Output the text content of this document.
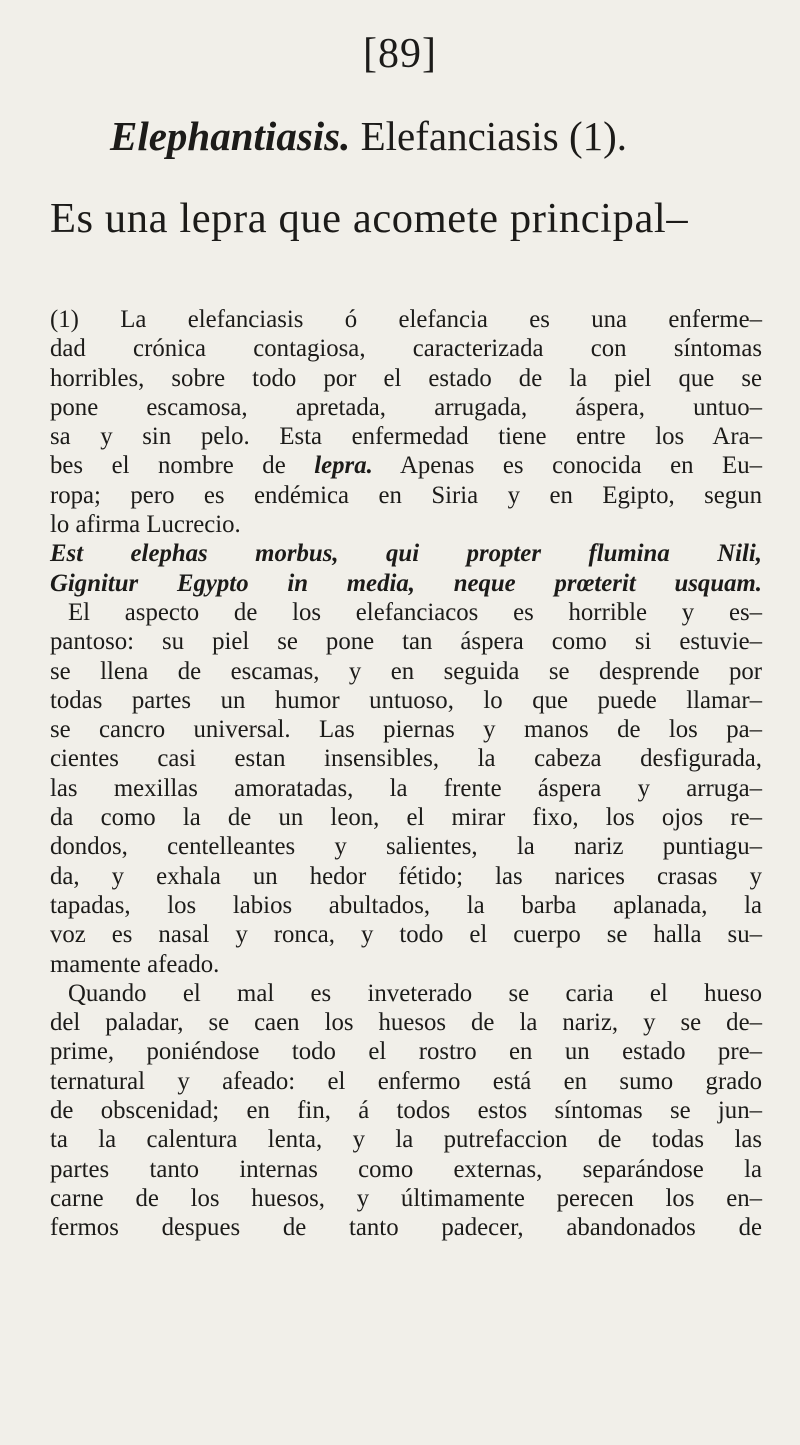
[89]
Elephantiasis. Elefanciasis (1).
Es una lepra que acomete principal–
(1) La elefanciasis ó elefancia es una enferme–
dad crónica contagiosa, caracterizada con síntomas
horribles, sobre todo por el estado de la piel que se
pone escamosa, apretada, arrugada, áspera, untuo–
sa y sin pelo. Esta enfermedad tiene entre los Ara–
bes el nombre de lepra. Apenas es conocida en Eu–
ropa; pero es endémica en Siria y en Egipto, segun
lo afirma Lucrecio.
Est elephas morbus, qui propter flumina Nili,
Gignitur Egypto in media, neque prœterit usquam.
El aspecto de los elefanciacos es horrible y es–
pantoso: su piel se pone tan áspera como si estuvie–
se llena de escamas, y en seguida se desprende por
todas partes un humor untuoso, lo que puede llamar–
se cancro universal. Las piernas y manos de los pa–
cientes casi estan insensibles, la cabeza desfigurada,
las mexillas amoratadas, la frente áspera y arruga–
da como la de un leon, el mirar fixo, los ojos re–
dondos, centelleantes y salientes, la nariz puntiagu–
da, y exhala un hedor fétido; las narices crasas y
tapadas, los labios abultados, la barba aplanada, la
voz es nasal y ronca, y todo el cuerpo se halla su–
mamente afeado.
Quando el mal es inveterado se caria el hueso
del paladar, se caen los huesos de la nariz, y se de–
prime, poniéndose todo el rostro en un estado pre–
ternatural y afeado: el enfermo está en sumo grado
de obscenidad; en fin, á todos estos síntomas se jun–
ta la calentura lenta, y la putrefaccion de todas las
partes tanto internas como externas, separándose la
carne de los huesos, y últimamente perecen los en–
fermos despues de tanto padecer, abandonados de
